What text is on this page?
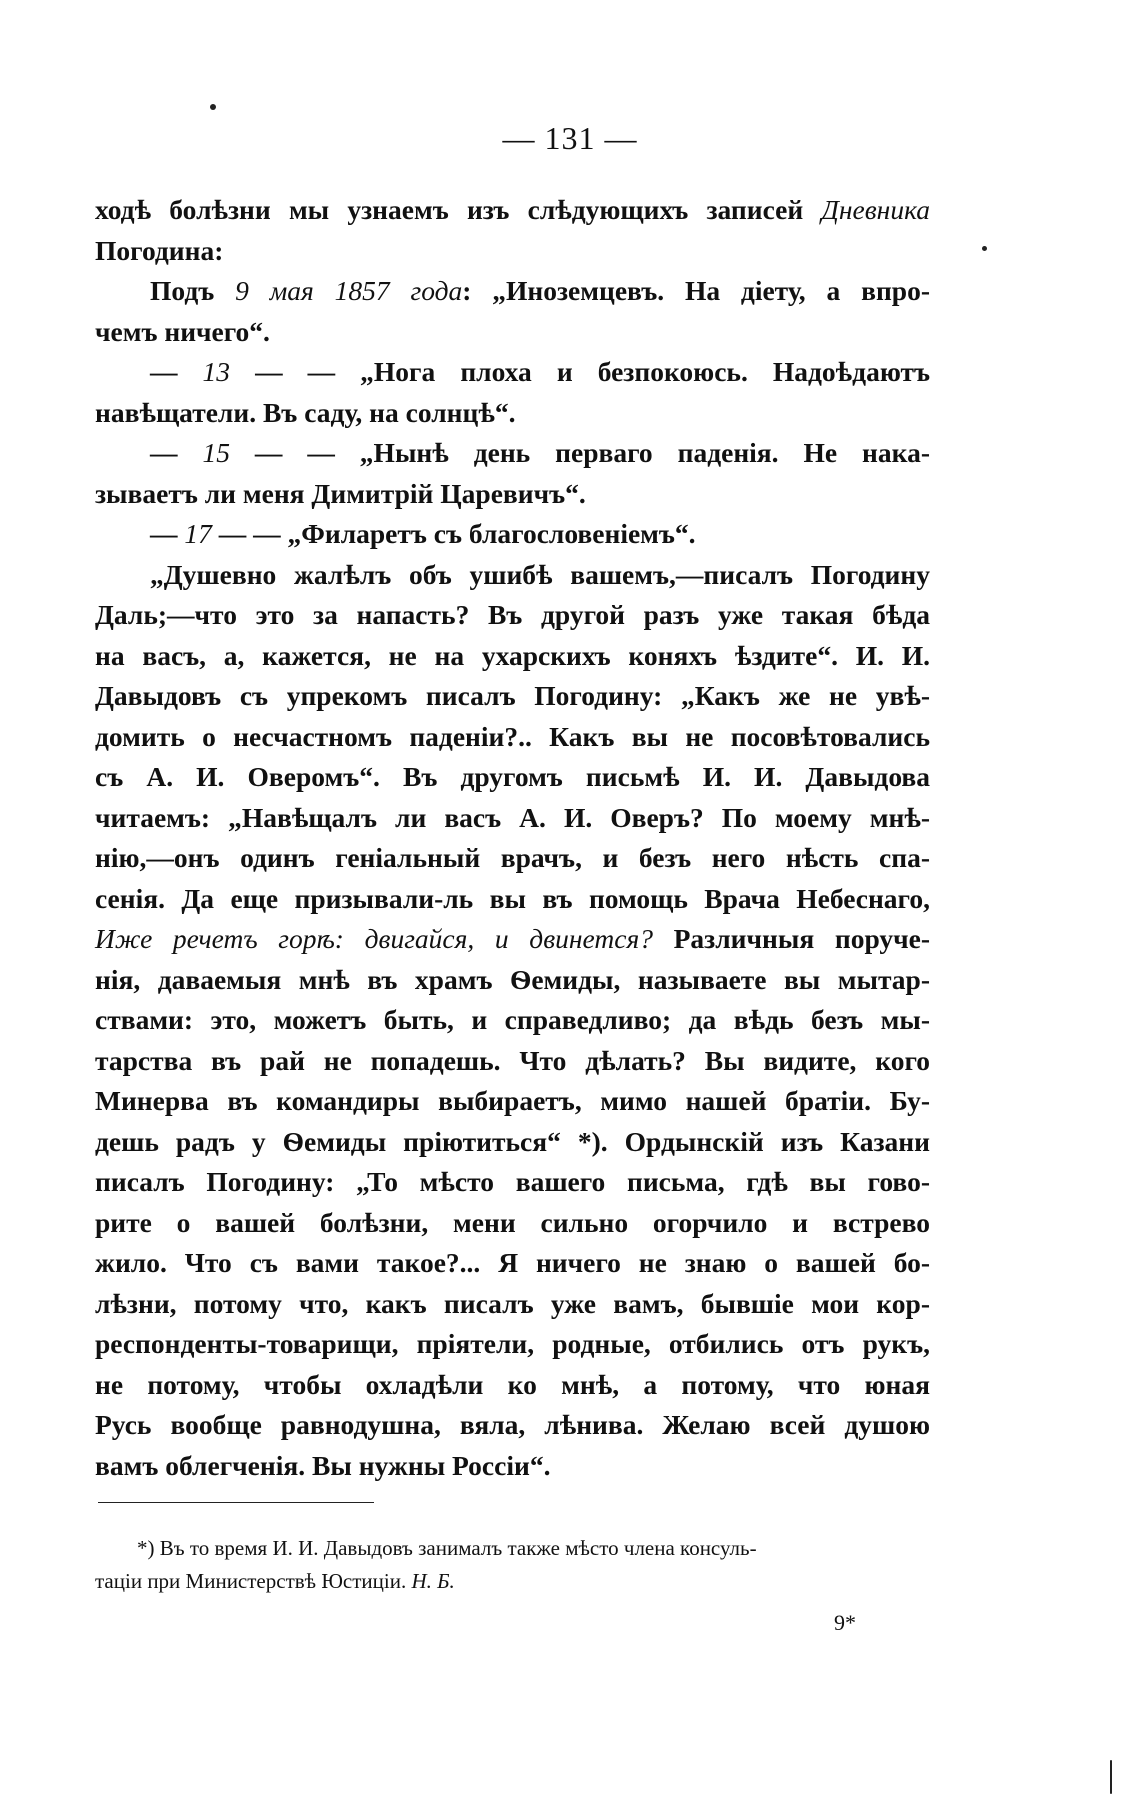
— 131 —
ходѣ болѣзни мы узнаемъ изъ слѣдующихъ записей Дневника
Погодина:
Подъ 9 мая 1857 года: „Иноземцевъ. На діету, а впро-
чемъ ничего“.
— 13 — — „Нога плоха и безпокоюсь. Надоѣдаютъ
навѣщатели. Въ саду, на солнцѣ“.
— 15 — — „Нынѣ день перваго паденія. Не нака-
зываетъ ли меня Димитрій Царевичъ“.
— 17 — — „Филаретъ съ благословеніемъ“.
„Душевно жалѣлъ объ ушибѣ вашемъ,—писалъ Погодину
Даль;—что это за напасть? Въ другой разъ уже такая бѣда
на васъ, а, кажется, не на ухарскихъ коняхъ ѣздите“. И. И.
Давыдовъ съ упрекомъ писалъ Погодину: „Какъ же не увѣ-
домить о несчастномъ паденіи?.. Какъ вы не посовѣтовались
съ А. И. Оверомъ“. Въ другомъ письмѣ И. И. Давыдова
читаемъ: „Навѣщалъ ли васъ А. И. Оверъ? По моему мнѣ-
нію,—онъ одинъ геніальный врачъ, и безъ него нѣсть спа-
сенія. Да еще призывали-ль вы въ помощь Врача Небеснаго,
Иже речетъ горѣ: двигайся, и двинется? Различныя поруче-
нія, даваемыя мнѣ въ храмъ Ѳемиды, называете вы мытар-
ствами: это, можетъ быть, и справедливо; да вѣдь безъ мы-
тарства въ рай не попадешь. Что дѣлать? Вы видите, кого
Минерва въ командиры выбираетъ, мимо нашей братіи. Бу-
дешь радъ у Ѳемиды пріютиться“ *). Ордынскій изъ Казани
писалъ Погодину: „То мѣсто вашего письма, гдѣ вы гово-
рите о вашей болѣзни, мени сильно огорчило и встрево
жило. Что съ вами такое?... Я ничего не знаю о вашей бо-
лѣзни, потому что, какъ писалъ уже вамъ, бывшіе мои кор-
респонденты-товарищи, пріятели, родные, отбились отъ рукъ,
не потому, чтобы охладѣли ко мнѣ, а потому, что юная
Русь вообще равнодушна, вяла, лѣнива. Желаю всей душою
вамъ облегченія. Вы нужны Россіи“.
*) Въ то время И. И. Давыдовъ занималъ также мѣсто члена консуль-
таціи при Министерствѣ Юстиціи. Н. Б.
9*
